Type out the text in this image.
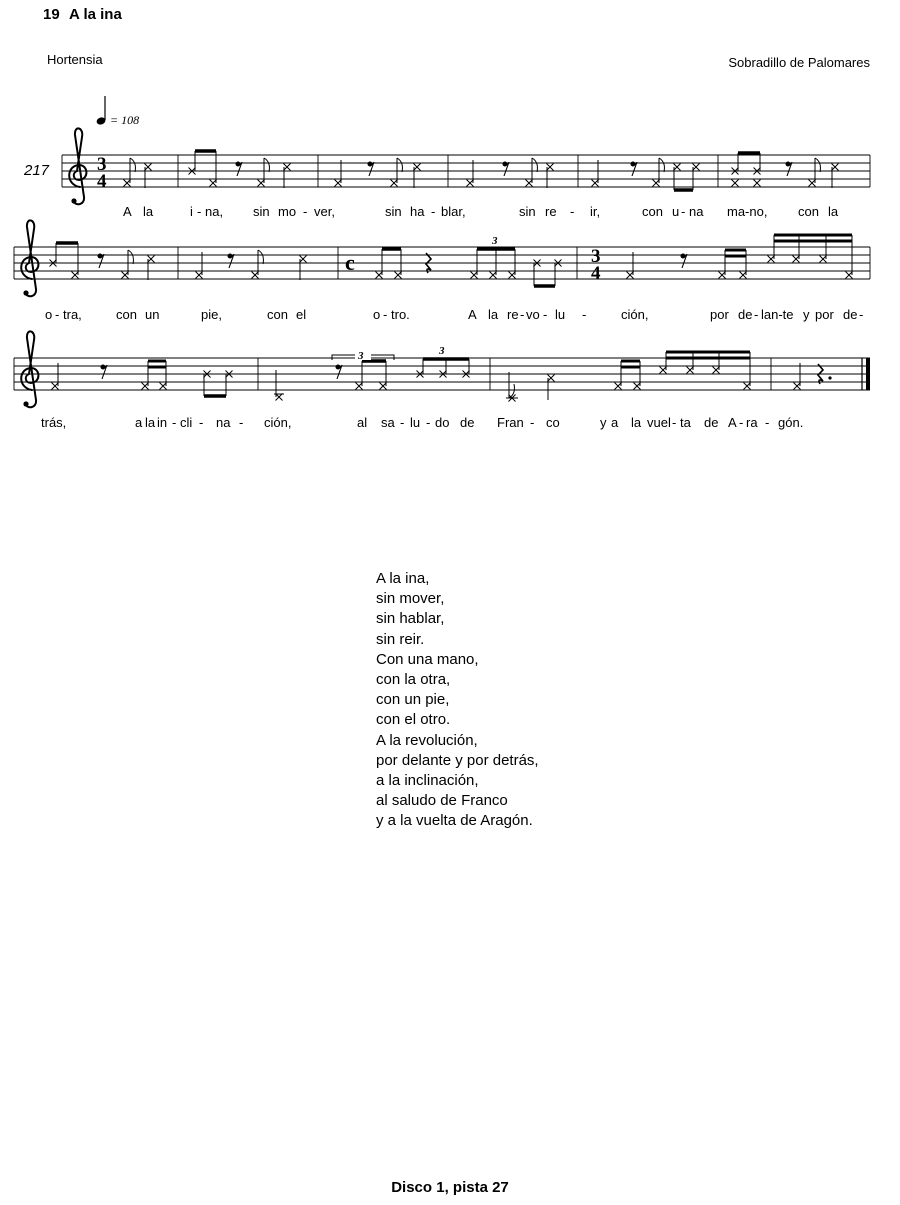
19 A la ina
Hortensia	Sobradillo de Palomares
= 108
217	3
4
A la	i - na, sin mo - ver,	sin ha - blar,	sin re - ir,	con u - na ma-no, con la
c
3
3
4
o - tra,	con un	pie,	con el	o - tro.	A la re - vo - lu -	ción,	por de - lan-te y por de -
3	3
trás,	a la in - cli - na - ción,	al sa - lu - do de Fran - co	y a la vuel - ta de A - ra - gón.
A la ina,
sin mover,
sin hablar,
sin reir.
Con una mano,
con la otra,
con un pie,
con el otro.
A la revolución,
por delante y por detrás,
a la inclinación,
al saludo de Franco
y a la vuelta de Aragón.
Disco 1, pista 27
